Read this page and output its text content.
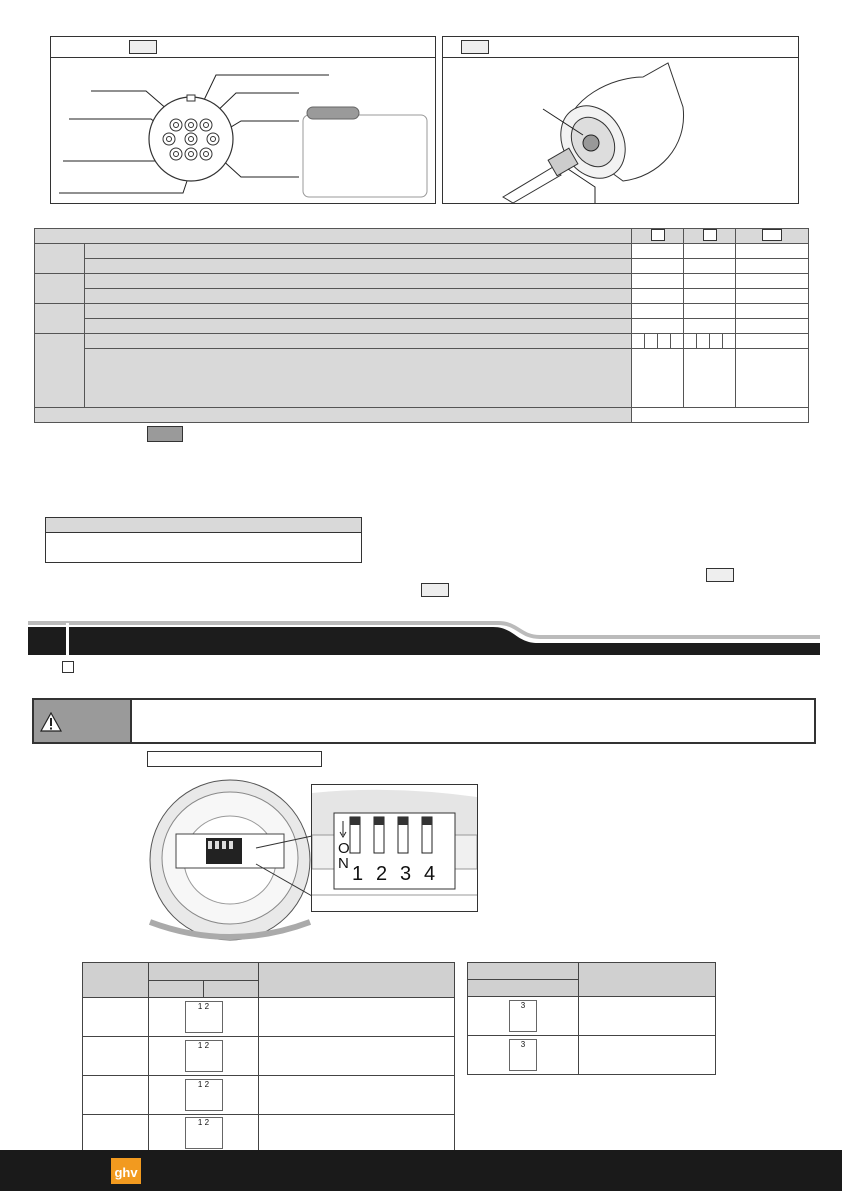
ON 1 2 3 4

	1 2		
	1 2		
	1 2		
	1 2		

3	
3	
ghv
